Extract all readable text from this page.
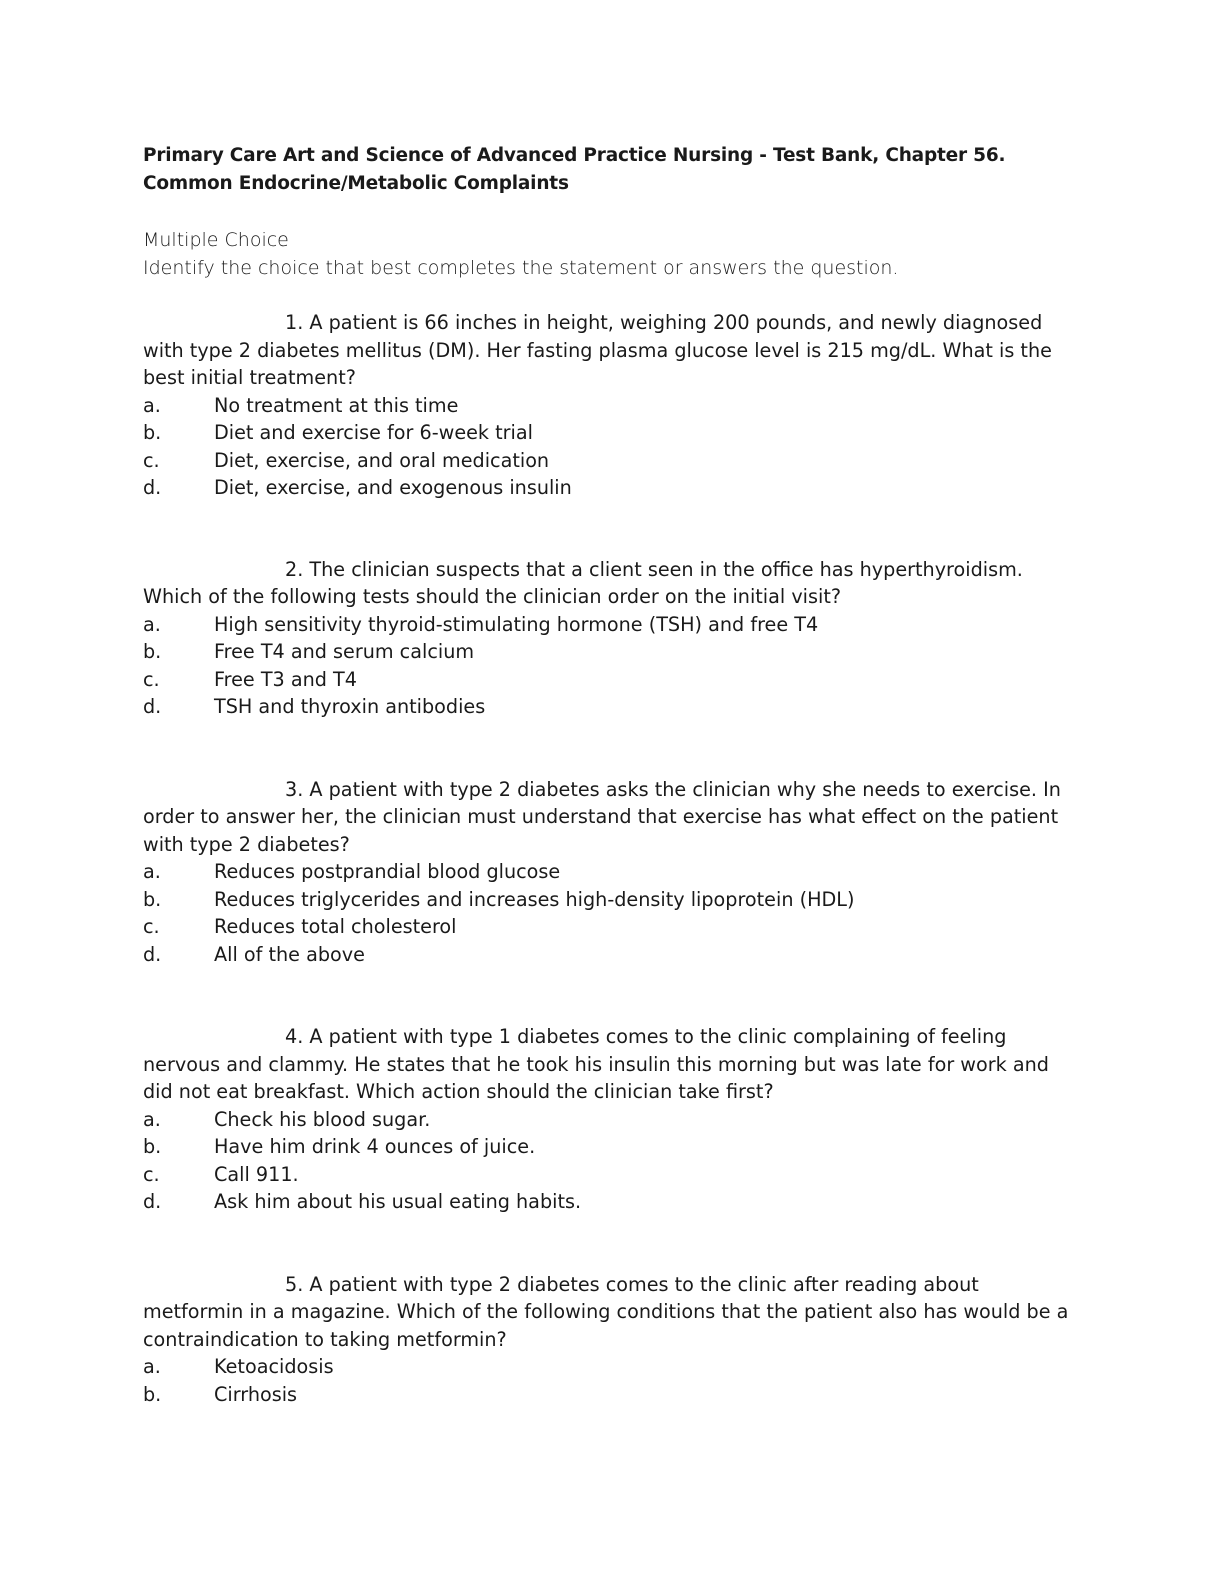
Primary Care Art and Science of Advanced Practice Nursing - Test Bank, Chapter 56.
Common Endocrine/Metabolic Complaints
Multiple Choice
Identify the choice that best completes the statement or answers the question.

1. A patient is 66 inches in height, weighing 200 pounds, and newly diagnosed with type 2 diabetes mellitus (DM). Her fasting plasma glucose level is 215 mg/dL. What is the best initial treatment?

a.	No treatment at this time
b.	Diet and exercise for 6-week trial
c.	Diet, exercise, and oral medication
d.	Diet, exercise, and exogenous insulin

2. The clinician suspects that a client seen in the office has hyperthyroidism. Which of the following tests should the clinician order on the initial visit?

a.	High sensitivity thyroid-stimulating hormone (TSH) and free T4
b.	Free T4 and serum calcium
c.	Free T3 and T4
d.	TSH and thyroxin antibodies

3. A patient with type 2 diabetes asks the clinician why she needs to exercise. In order to answer her, the clinician must understand that exercise has what effect on the patient with type 2 diabetes?

a.	Reduces postprandial blood glucose
b.	Reduces triglycerides and increases high-density lipoprotein (HDL)
c.	Reduces total cholesterol
d.	All of the above

4. A patient with type 1 diabetes comes to the clinic complaining of feeling nervous and clammy. He states that he took his insulin this morning but was late for work and did not eat breakfast. Which action should the clinician take first?

a.	Check his blood sugar.
b.	Have him drink 4 ounces of juice.
c.	Call 911.
d.	Ask him about his usual eating habits.

5. A patient with type 2 diabetes comes to the clinic after reading about metformin in a magazine. Which of the following conditions that the patient also has would be a contraindication to taking metformin?

a.	Ketoacidosis
b.	Cirrhosis
